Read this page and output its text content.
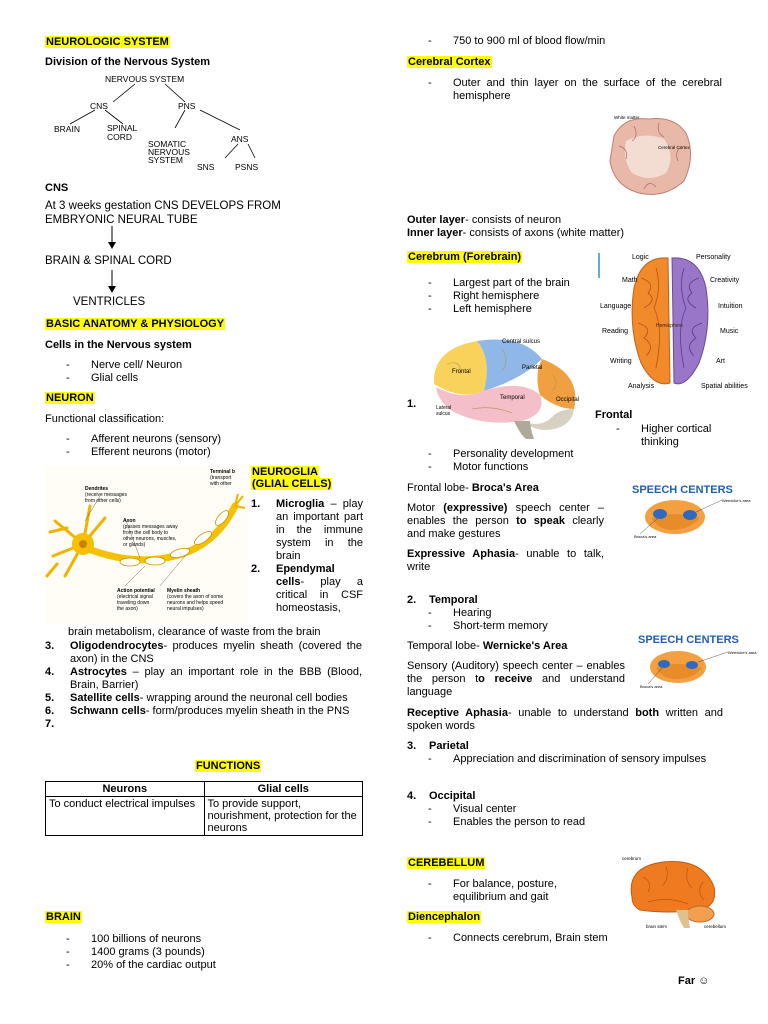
NEUROLOGIC SYSTEM
Division of the Nervous System
NERVOUS SYSTEM
CNS	PNS
BRAIN	SPINAL
CORD
SOMATIC
NERVOUS
SYSTEM
ANS
SNS PSNS
CNS
At 3 weeks gestation CNS DEVELOPS FROM
EMBRYONIC NEURAL TUBE
BRAIN & SPINAL CORD
VENTRICLES
BASIC ANATOMY & PHYSIOLOGY
Cells in the Nervous system
- Nerve cell/ Neuron
- Glial cells
NEURON
Functional classification:
- Afferent neurons (sensory)
- Efferent neurons (motor)
Terminal b
(transport
with other
Dendrites
(receive messages
from other cells)
Axon
(passes messages away
from the cell body to
other neurons, muscles,
or glands)
Action potential
(electrical signal
traveling down
the axon)
Myelin sheath
(covers the axon of some
neurons and helps speed
neural impulses)
NEUROGLIA
(GLIAL CELLS)
1. Microglia – play an important part in the immune system in the brain
2. Ependymal cells- play a critical in CSF homeostasis,
brain metabolism, clearance of waste from the brain
3. Oligodendrocytes- produces myelin sheath (covered the axon) in the CNS
4. Astrocytes – play an important role in the BBB (Blood, Brain, Barrier)
5. Satellite cells- wrapping around the neuronal cell bodies
6. Schwann cells- form/produces myelin sheath in the PNS
7.
FUNCTIONS
Neurons	Glial cells
To conduct electrical impulses	To provide support, nourishment, protection for the neurons
BRAIN
- 100 billions of neurons
- 1400 grams (3 pounds)
- 20% of the cardiac output
- 750 to 900 ml of blood flow/min
Cerebral Cortex
- Outer and thin layer on the surface of the cerebral hemisphere
White matter
Cerebral Cortex
Outer layer- consists of neuron
Inner layer- consists of axons (white matter)
Cerebrum (Forebrain)
- Largest part of the brain
- Right hemisphere
- Left hemisphere
Logic
Math
Language
Reading
Writing
Analysis
Personality
Creativity
Intuition
Music
Art
Spatial abilities
Hemisphere
Central sulcus
Frontal
Parietal
Temporal	Occipital
Lateral
sulcus
1.
Frontal
- Higher cortical thinking
- Personality development
- Motor functions
Frontal lobe- Broca's Area	SPEECH CENTERS
Wernicke's area
Broca's area
Motor (expressive) speech center – enables the person to speak clearly and make gestures
Expressive Aphasia- unable to talk, write
2. Temporal
- Hearing
- Short-term memory
Temporal lobe- Wernicke's Area	SPEECH CENTERS
Wernicke's area
Broca's area
Sensory (Auditory) speech center – enables the person to receive and understand language
Receptive Aphasia- unable to understand both written and spoken words
3. Parietal
- Appreciation and discrimination of sensory impulses
4. Occipital
- Visual center
- Enables the person to read
CEREBELLUM
- For balance, posture, equilibrium and gait
cerebrum
cerebellum
brain stem
Diencephalon
- Connects cerebrum, Brain stem
Far ☺
